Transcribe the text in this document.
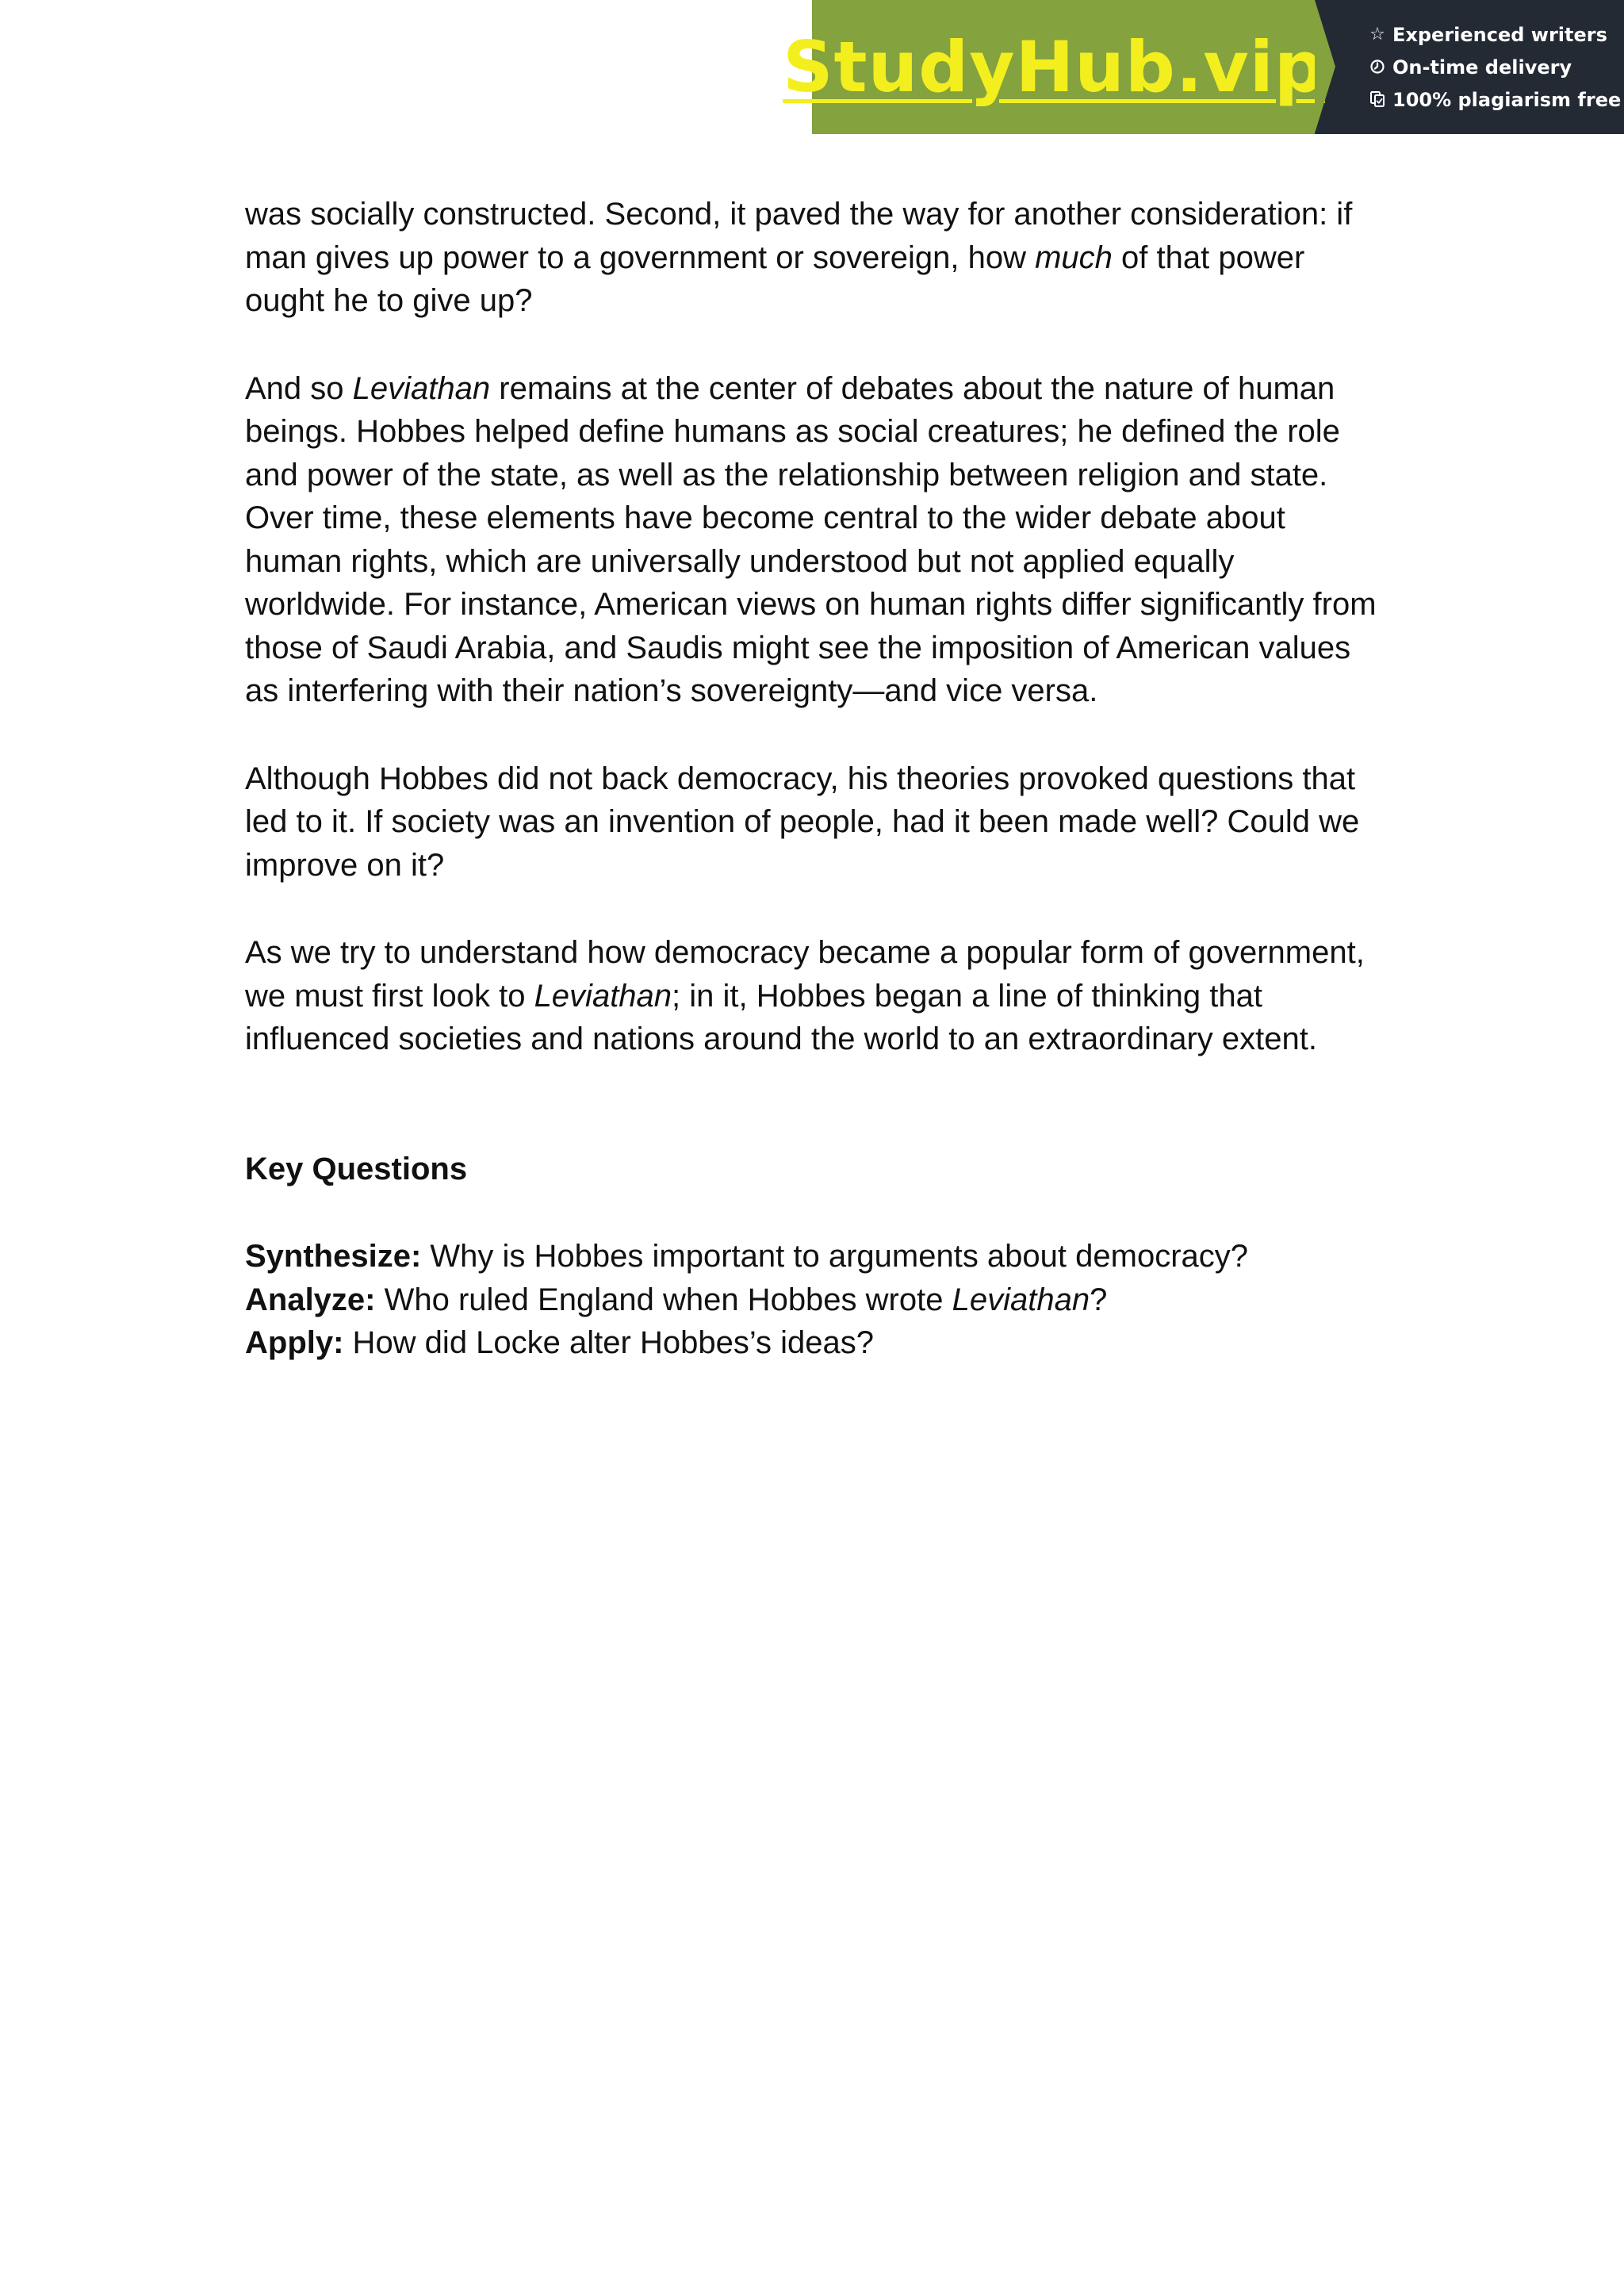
StudyHub.vip	☆ Experienced writers
On-time delivery
100% plagiarism free

was socially constructed. Second, it paved the way for another consideration: if man gives up power to a government or sovereign, how much of that power ought he to give up?

And so Leviathan remains at the center of debates about the nature of human beings. Hobbes helped define humans as social creatures; he defined the role and power of the state, as well as the relationship between religion and state. Over time, these elements have become central to the wider debate about human rights, which are universally understood but not applied equally worldwide. For instance, American views on human rights differ significantly from those of Saudi Arabia, and Saudis might see the imposition of American values as interfering with their nation’s sovereignty—and vice versa.

Although Hobbes did not back democracy, his theories provoked questions that led to it. If society was an invention of people, had it been made well? Could we improve on it?

As we try to understand how democracy became a popular form of government, we must first look to Leviathan; in it, Hobbes began a line of thinking that influenced societies and nations around the world to an extraordinary extent.

Key Questions

Synthesize: Why is Hobbes important to arguments about democracy?

Analyze: Who ruled England when Hobbes wrote Leviathan?

Apply: How did Locke alter Hobbes’s ideas?
